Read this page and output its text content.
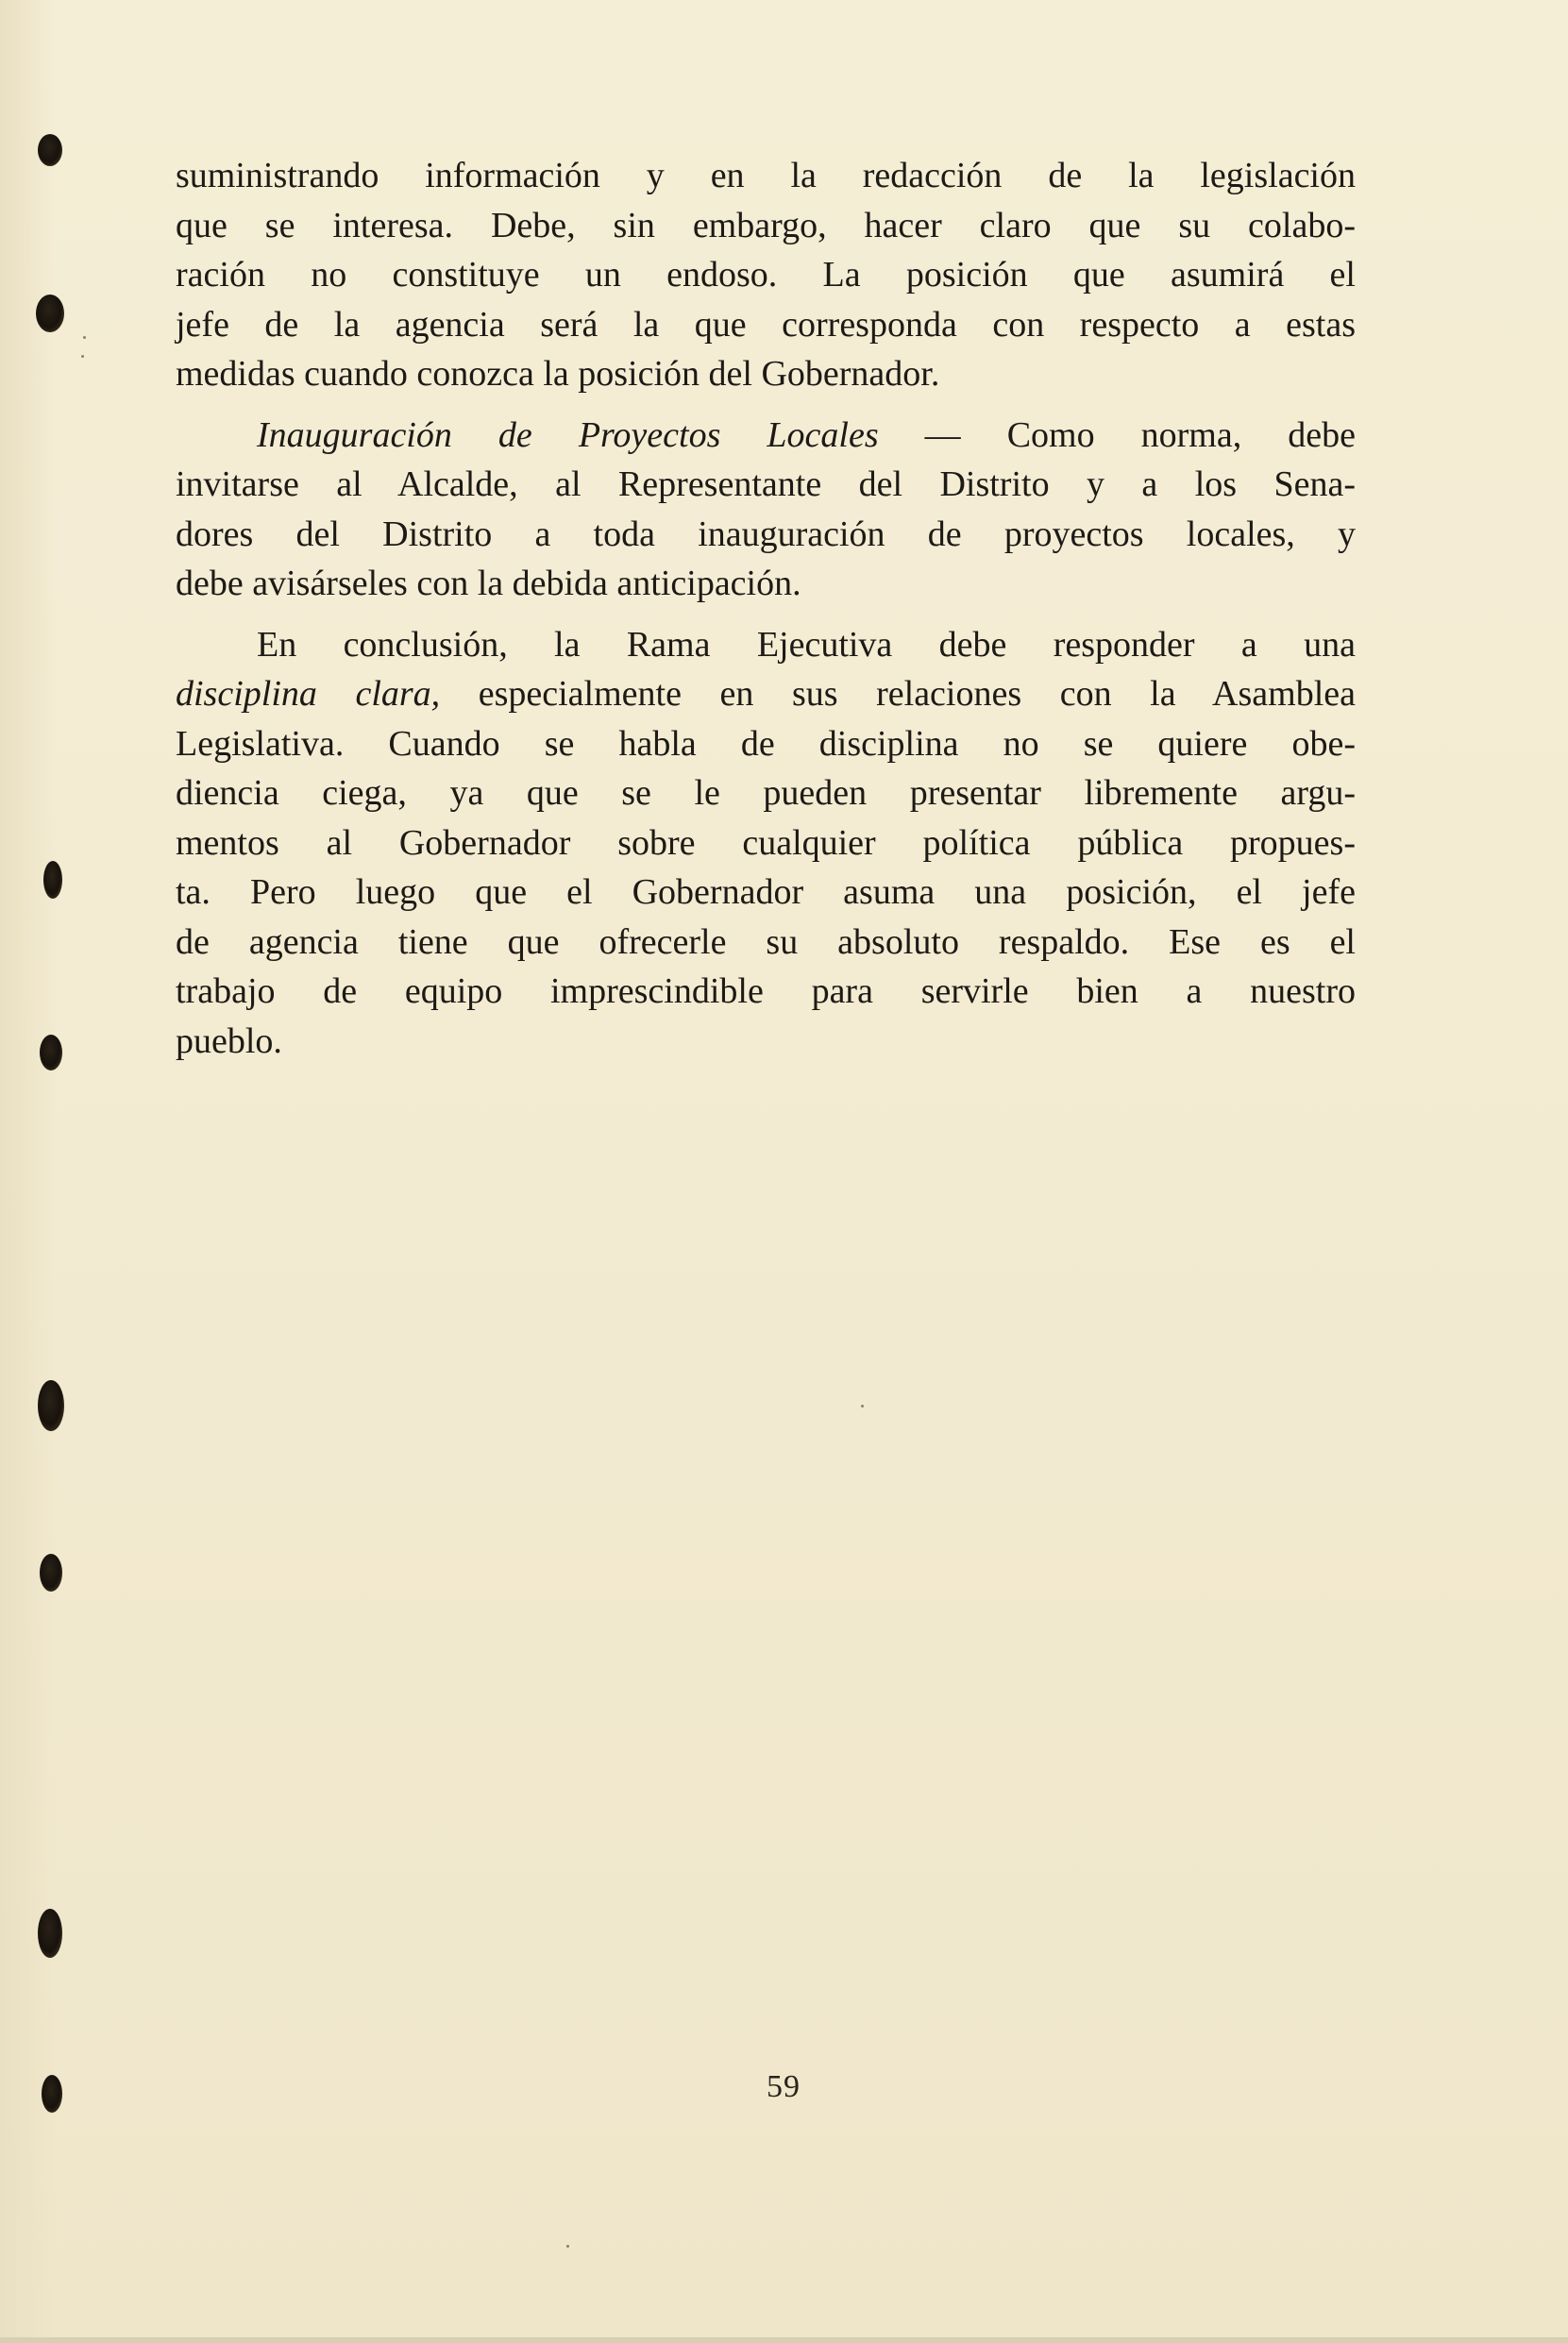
suministrando información y en la redacción de la legislación
que se interesa. Debe, sin embargo, hacer claro que su colabo-
ración no constituye un endoso. La posición que asumirá el
jefe de la agencia será la que corresponda con respecto a estas
medidas cuando conozca la posición del Gobernador.

Inauguración de Proyectos Locales — Como norma, debe
invitarse al Alcalde, al Representante del Distrito y a los Sena-
dores del Distrito a toda inauguración de proyectos locales, y
debe avisárseles con la debida anticipación.

En conclusión, la Rama Ejecutiva debe responder a una
disciplina clara, especialmente en sus relaciones con la Asamblea
Legislativa. Cuando se habla de disciplina no se quiere obe-
diencia ciega, ya que se le pueden presentar libremente argu-
mentos al Gobernador sobre cualquier política pública propues-
ta. Pero luego que el Gobernador asuma una posición, el jefe
de agencia tiene que ofrecerle su absoluto respaldo. Ese es el
trabajo de equipo imprescindible para servirle bien a nuestro
pueblo.

59
